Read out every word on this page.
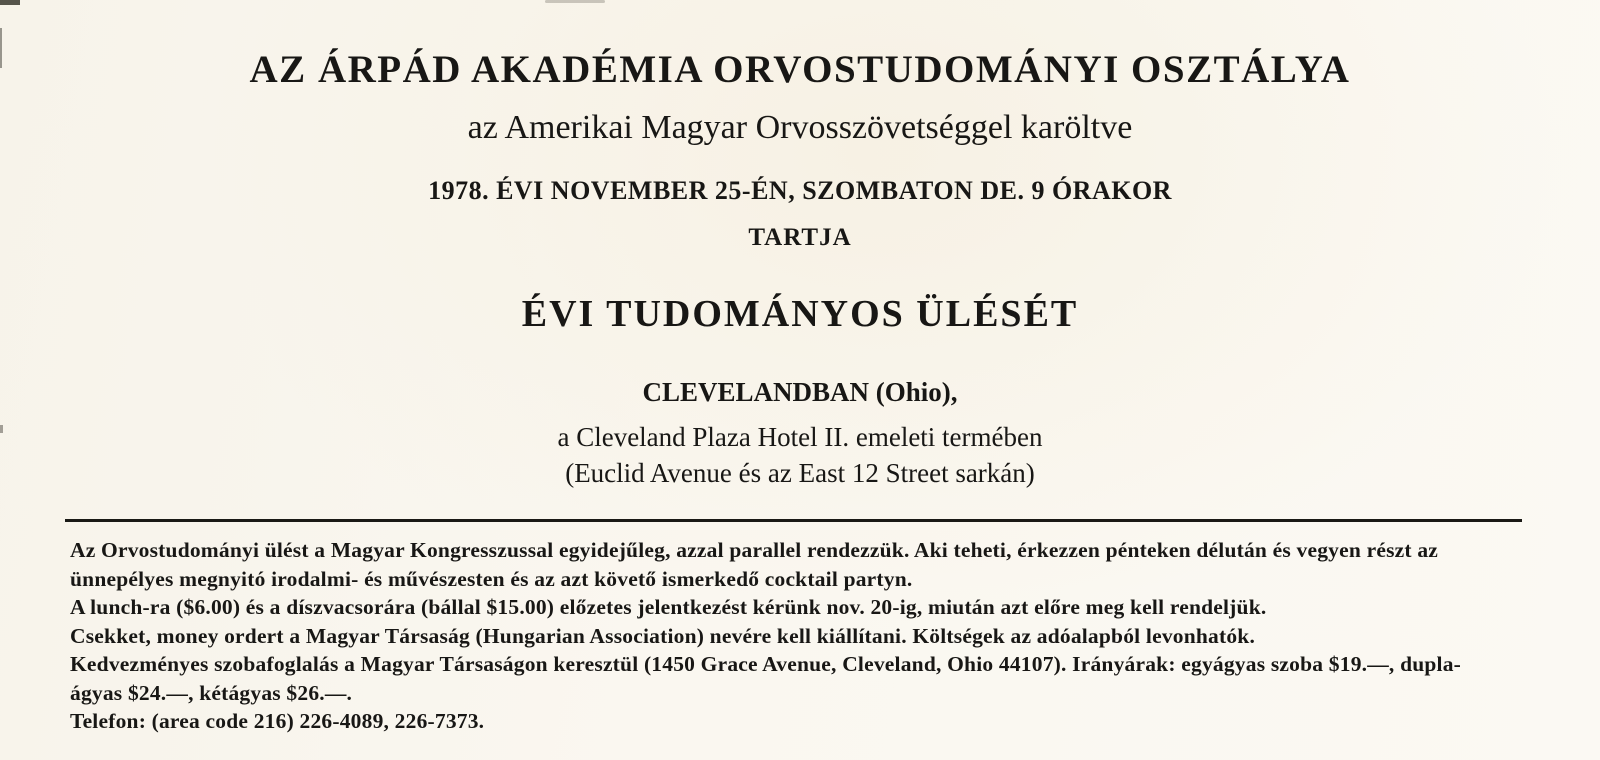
AZ ÁRPÁD AKADÉMIA ORVOSTUDOMÁNYI OSZTÁLYA
az Amerikai Magyar Orvosszövetséggel karöltve
1978. ÉVI NOVEMBER 25-ÉN, SZOMBATON DE. 9 ÓRAKOR
TARTJA
ÉVI TUDOMÁNYOS ÜLÉSÉT
CLEVELANDBAN (Ohio),
a Cleveland Plaza Hotel II. emeleti termében
(Euclid Avenue és az East 12 Street sarkán)
Az Orvostudományi ülést a Magyar Kongresszussal egyidejűleg, azzal parallel rendezzük. Aki teheti, érkezzen pénteken délután és vegyen részt az
ünnepélyes megnyitó irodalmi- és művészesten és az azt követő ismerkedő cocktail partyn.
A lunch-ra ($6.00) és a díszvacsorára (bállal $15.00) előzetes jelentkezést kérünk nov. 20-ig, miután azt előre meg kell rendeljük.
Csekket, money ordert a Magyar Társaság (Hungarian Association) nevére kell kiállítani. Költségek az adóalapból levonhatók.
Kedvezményes szobafoglalás a Magyar Társaságon keresztül (1450 Grace Avenue, Cleveland, Ohio 44107). Irányárak: egyágyas szoba $19.—, dupla-
ágyas $24.—, kétágyas $26.—.
Telefon: (area code 216) 226-4089, 226-7373.
